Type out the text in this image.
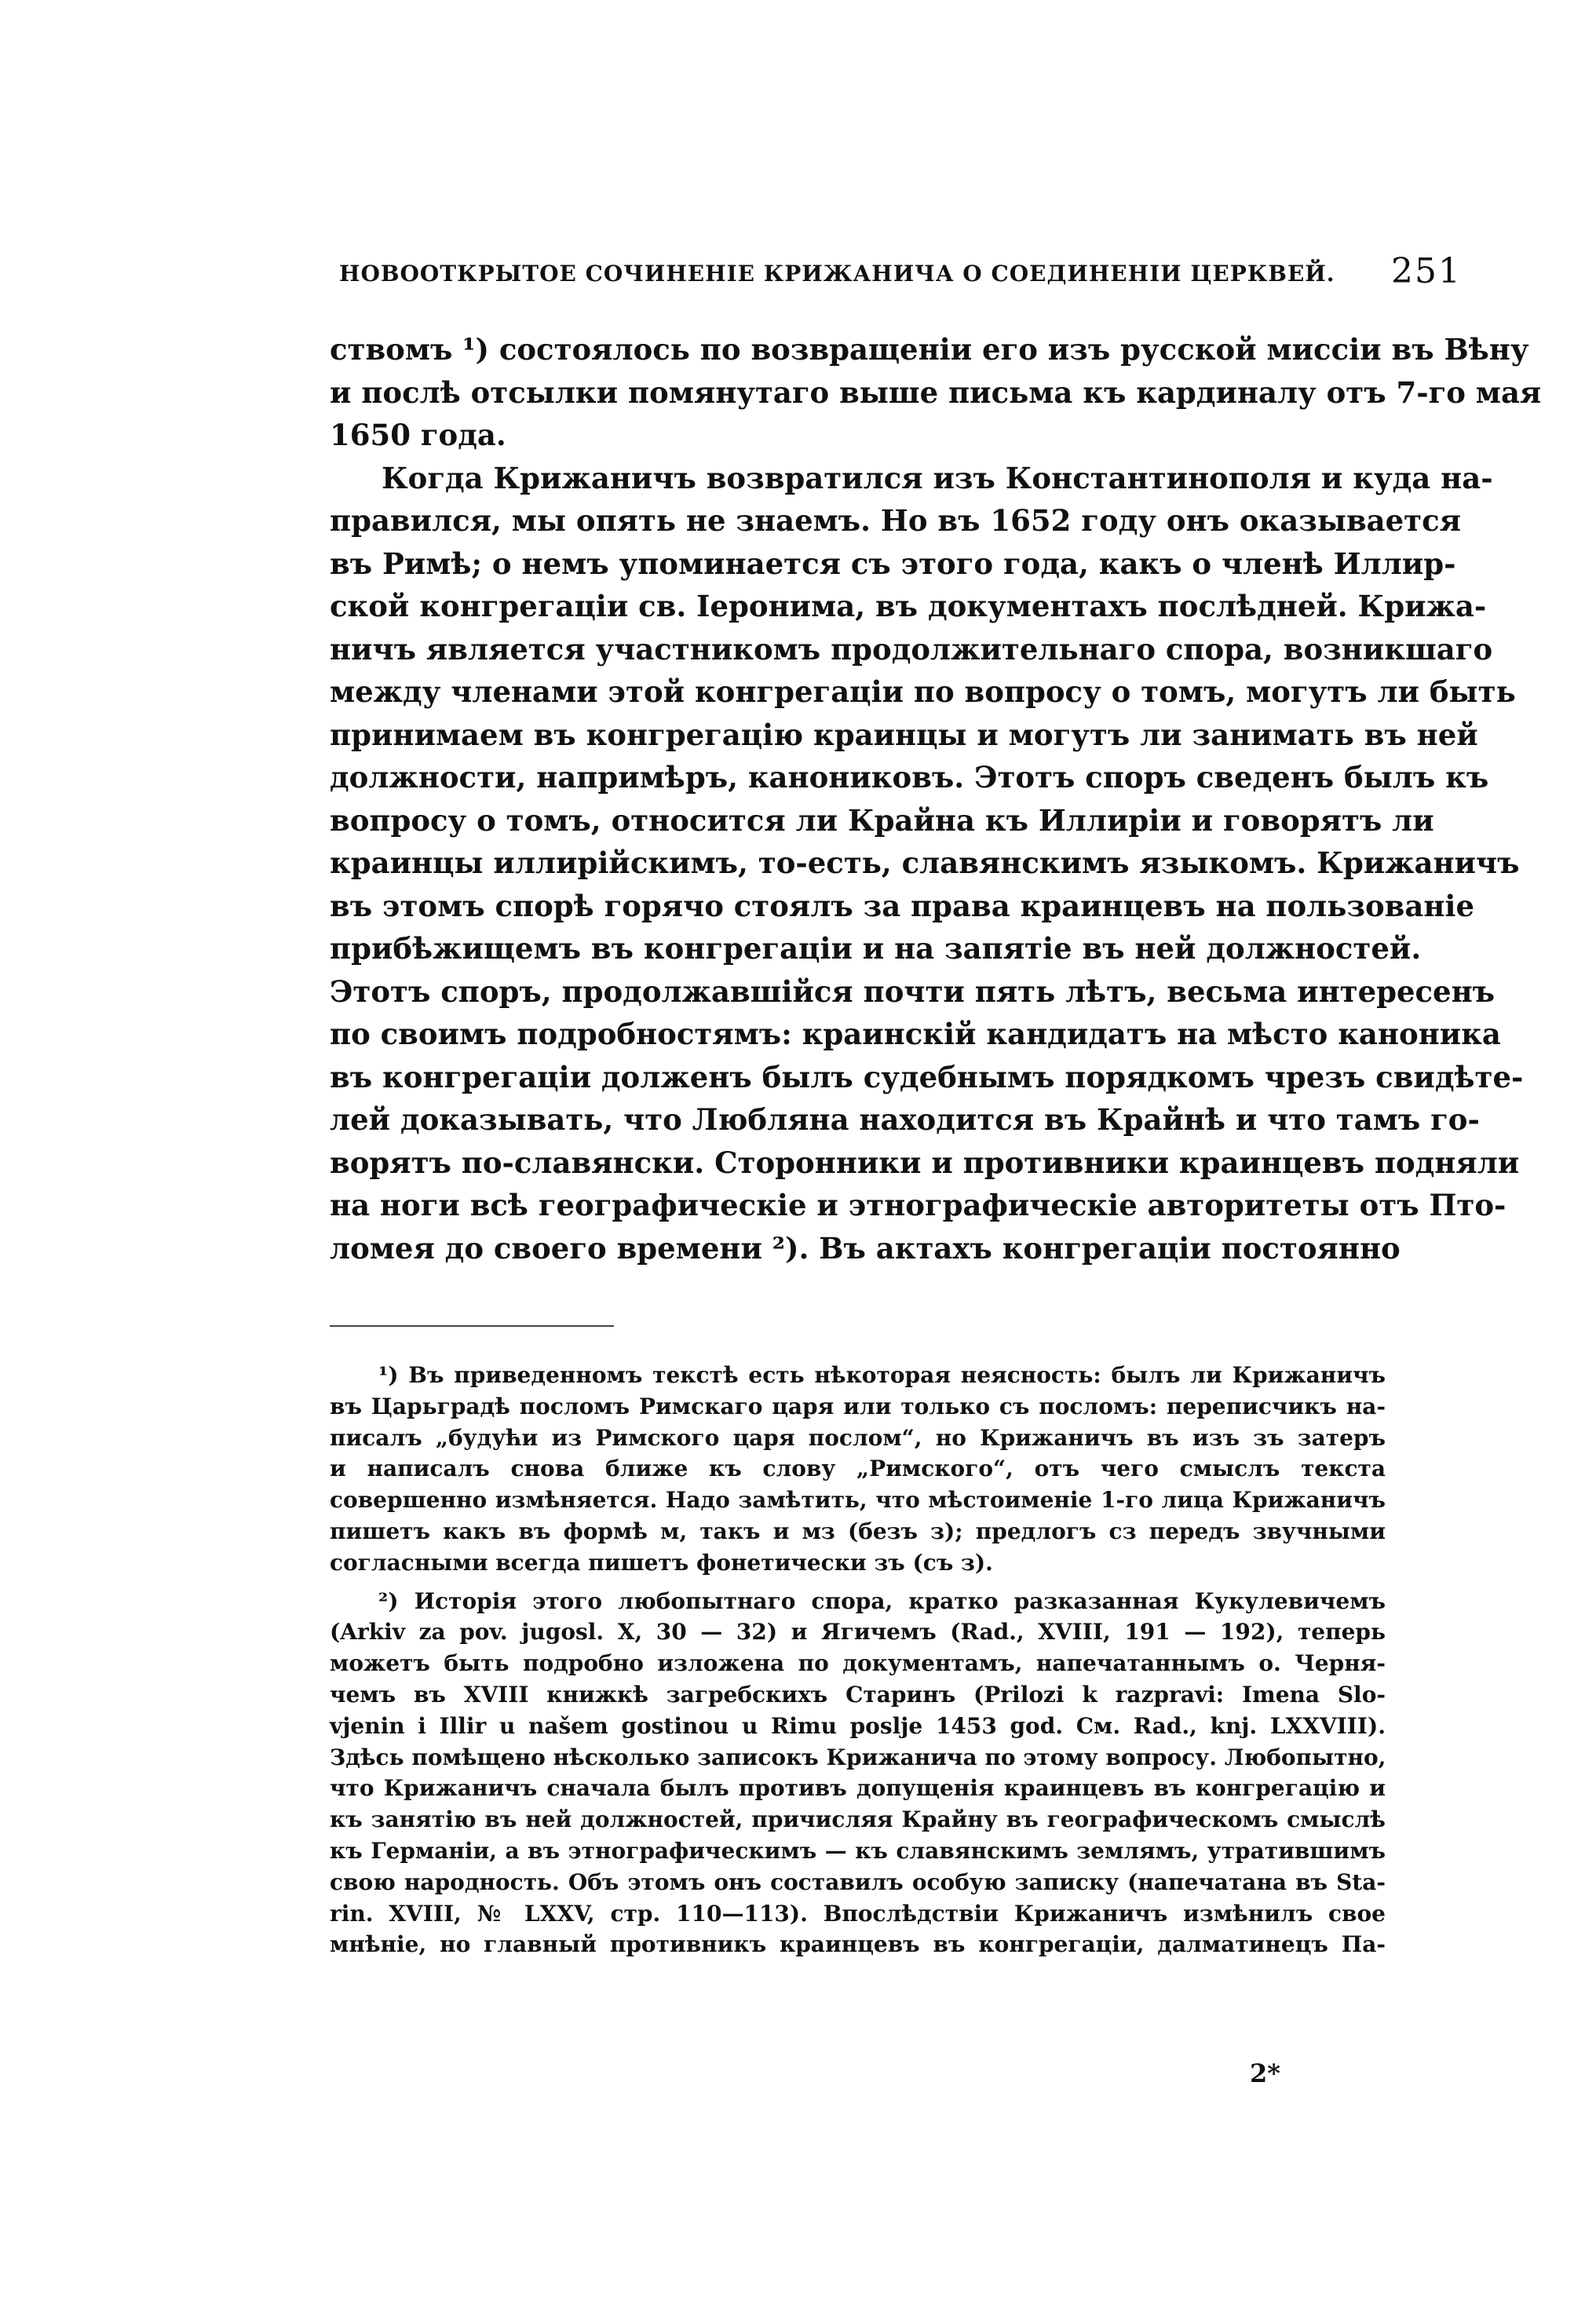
НОВООТКРЫТОЕ СОЧИНЕНІЕ КРИЖАНИЧА О СОЕДИНЕНІИ ЦЕРКВЕЙ. 251
ствомъ ¹) состоялось по возвращеніи его изъ русской миссіи въ Вѣну
и послѣ отсылки помянутаго выше письма къ кардиналу отъ 7-го мая
1650 года.
Когда Крижаничъ возвратился изъ Константинополя и куда на-
правился, мы опять не знаемъ. Но въ 1652 году онъ оказывается
въ Римѣ; о немъ упоминается съ этого года, какъ о членѣ Иллир-
ской конгрегаціи св. Іеронима, въ документахъ послѣдней. Крижа-
ничъ является участникомъ продолжительнаго спора, возникшаго
между членами этой конгрегаціи по вопросу о томъ, могутъ ли быть
принимаем въ конгрегацію краинцы и могутъ ли занимать въ ней
должности, напримѣръ, канониковъ. Этотъ споръ сведенъ былъ къ
вопросу о томъ, относится ли Крайна къ Иллиріи и говорятъ ли
краинцы иллирійскимъ, то-есть, славянскимъ языкомъ. Крижаничъ
въ этомъ спорѣ горячо стоялъ за права краинцевъ на пользованіе
прибѣжищемъ въ конгрегаціи и на запятіе въ ней должностей.
Этотъ споръ, продолжавшійся почти пять лѣтъ, весьма интересенъ
по своимъ подробностямъ: краинскій кандидатъ на мѣсто каноника
въ конгрегаціи долженъ былъ судебнымъ порядкомъ чрезъ свидѣте-
лей доказывать, что Любляна находится въ Крайнѣ и что тамъ го-
ворятъ по-славянски. Сторонники и противники краинцевъ подняли
на ноги всѣ географическіе и этнографическіе авторитеты отъ Пто-
ломея до своего времени ²). Въ актахъ конгрегаціи постоянно
¹) Въ приведенномъ текстѣ есть нѣкоторая неясность: былъ ли Крижаничъ
въ Царьградѣ посломъ Римскаго царя или только съ посломъ: переписчикъ на-
писалъ „будући из Римского царя послом“, но Крижаничъ въ изъ зъ затеръ
и написалъ снова ближе къ слову „Римского“, отъ чего смыслъ текста
совершенно измѣняется. Надо замѣтить, что мѣстоименіе 1-го лица Крижаничъ
пишетъ какъ въ формѣ м, такъ и мз (безъ з); предлогъ сз передъ звучными
согласными всегда пишетъ фонетически зъ (съ з).
²) Исторія этого любопытнаго спора, кратко разказанная Кукулевичемъ
(Arkiv za pov. jugosl. X, 30 — 32) и Ягичемъ (Rad., XVIII, 191 — 192), теперь
можетъ быть подробно изложена по документамъ, напечатаннымъ о. Черня-
чемъ въ XVIII книжкѣ загребскихъ Старинъ (Prilozi k razpravi: Imena Slo-
vjenin i Illir u našem gostinou u Rimu poslje 1453 god. См. Rad., knj. LXXVIII).
Здѣсь помѣщено нѣсколько записокъ Крижанича по этому вопросу. Любопытно,
что Крижаничъ сначала былъ противъ допущенія краинцевъ въ конгрегацію и
къ занятію въ ней должностей, причисляя Крайну въ географическомъ смыслѣ
къ Германіи, а въ этнографическимъ — къ славянскимъ землямъ, утратившимъ
свою народность. Объ этомъ онъ составилъ особую записку (напечатана въ Sta-
rin. XVIII, № LXXV, стр. 110—113). Впослѣдствіи Крижаничъ измѣнилъ свое
мнѣніе, но главный противникъ краинцевъ въ конгрегаціи, далматинецъ Па-
2*
